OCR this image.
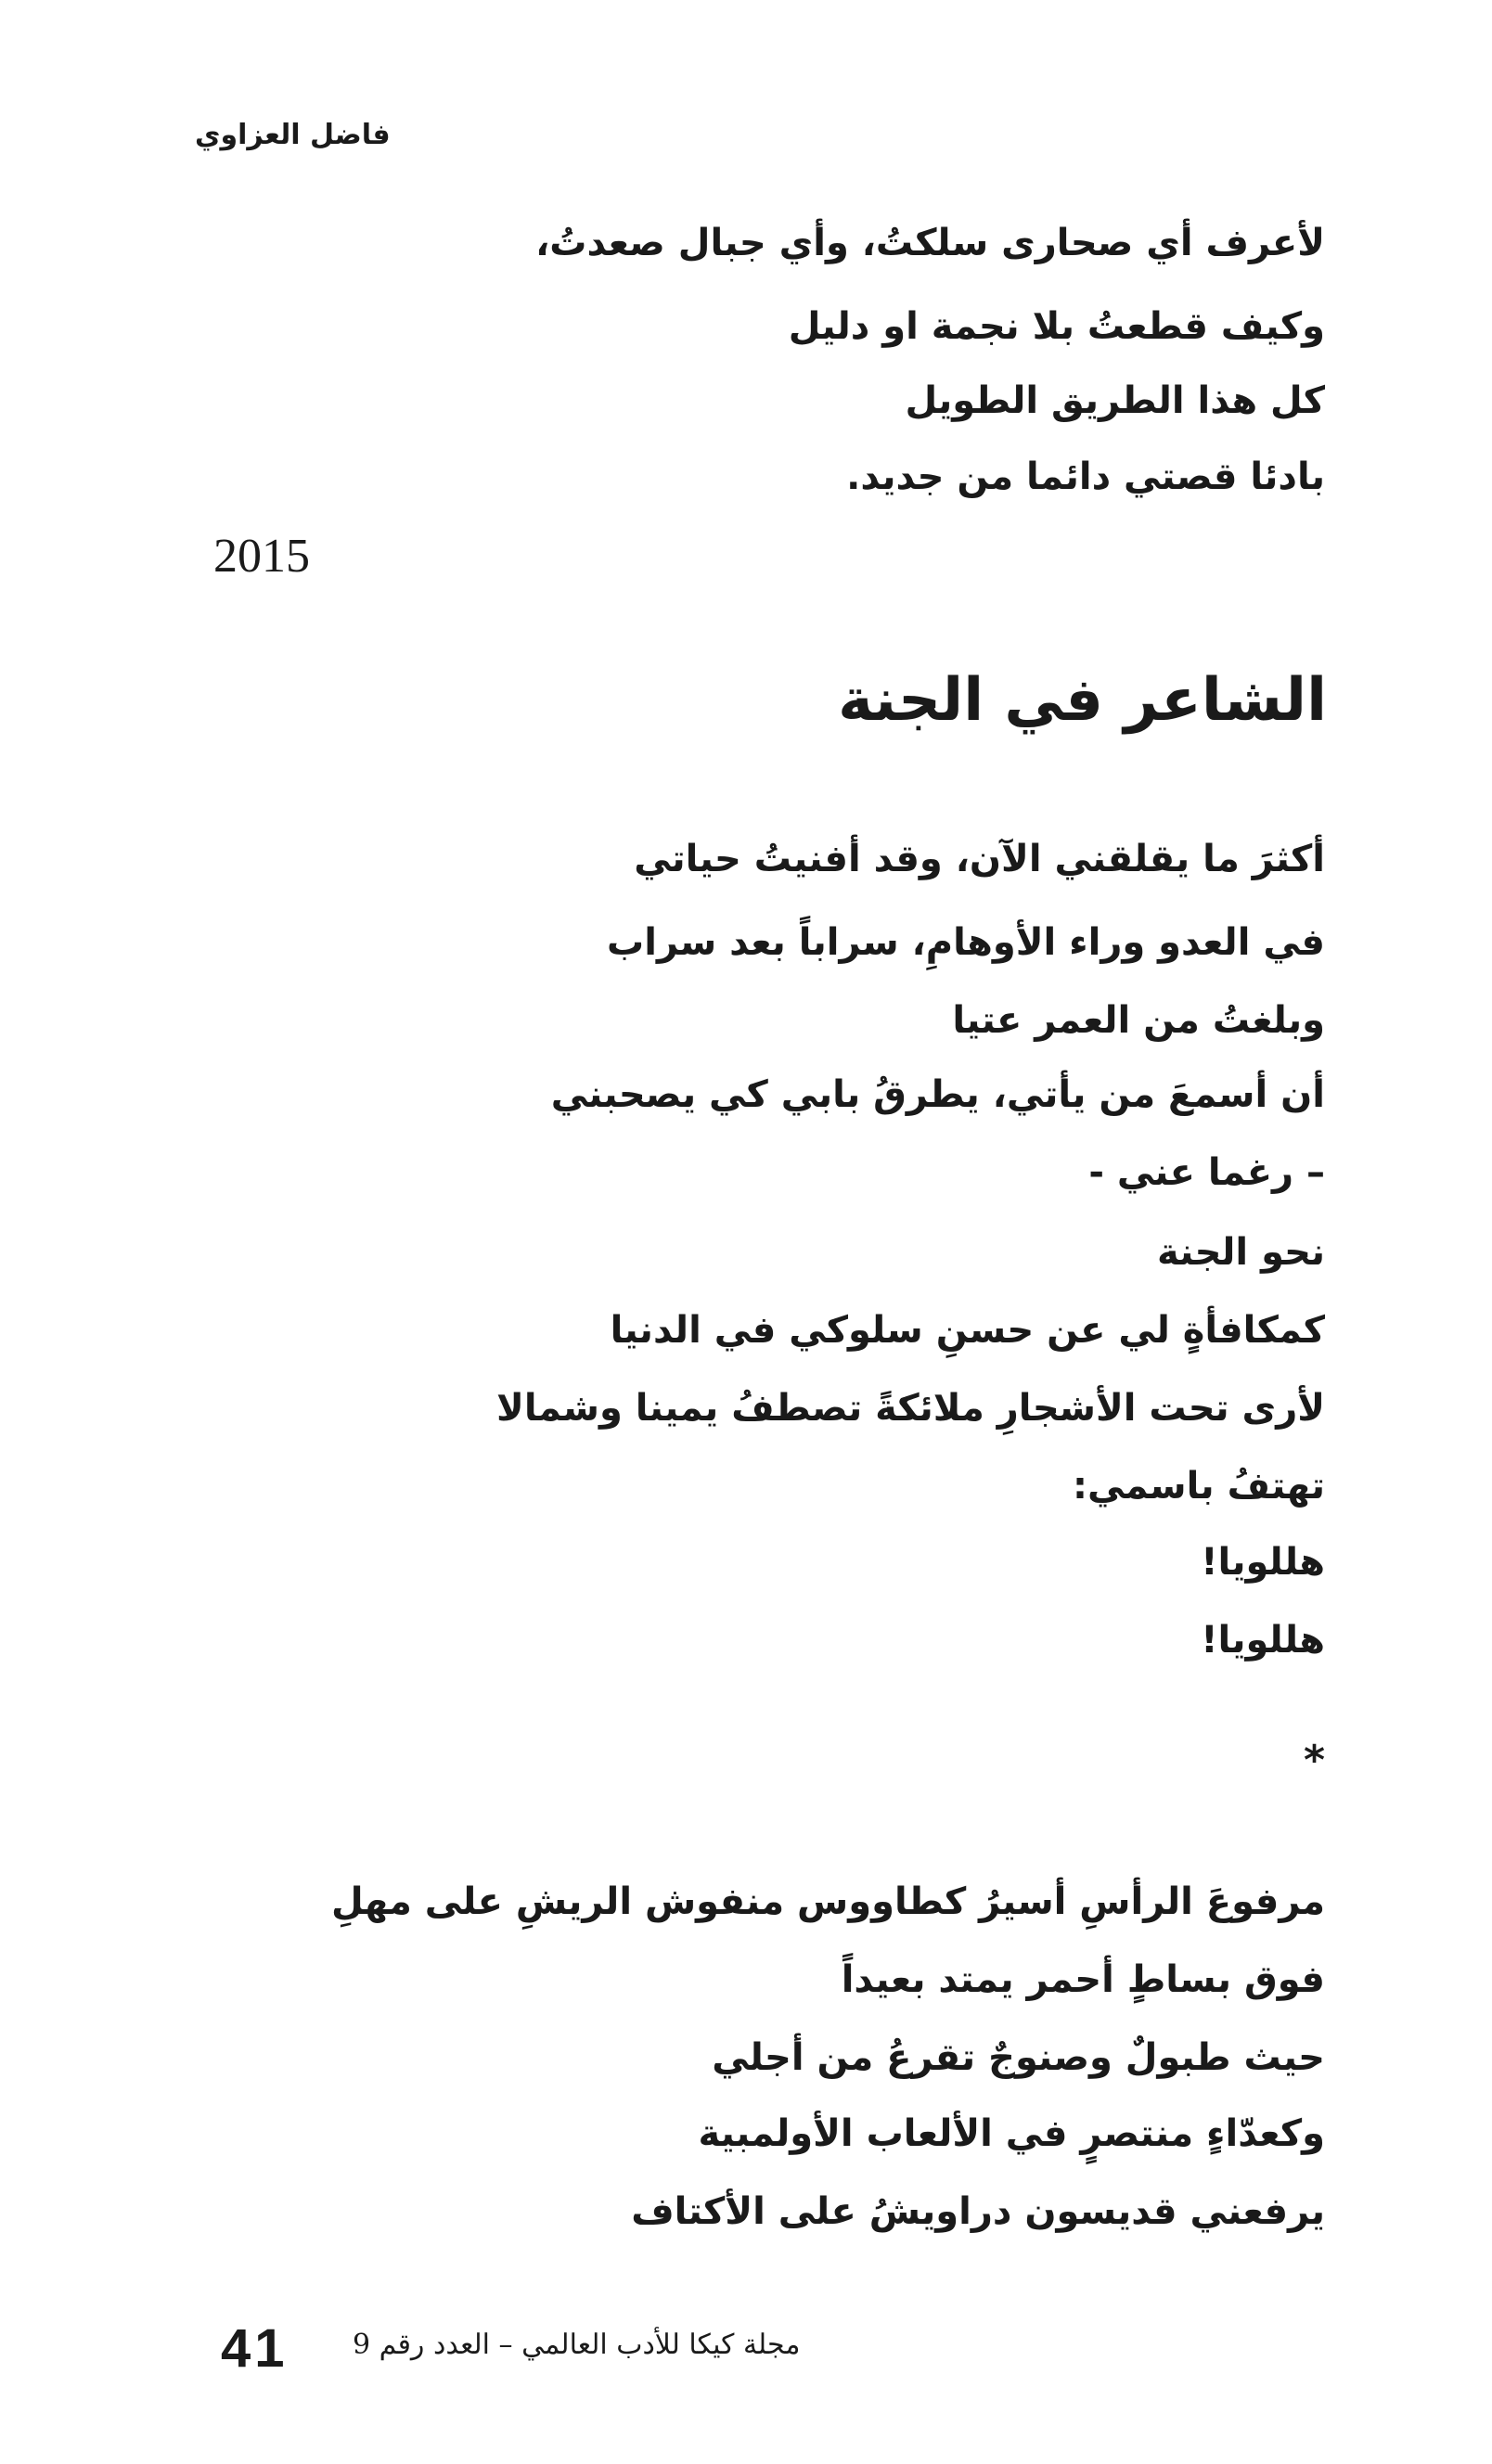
فاضل العزاوي
لأعرف أي صحارى سلكتُ، وأي جبال صعدتُ،
وكيف قطعتُ بلا نجمة او دليل
كل هذا الطريق الطويل
بادئا قصتي دائما من جديد.
2015
الشاعر في الجنة
أكثرَ ما يقلقني الآن، وقد أفنيتُ حياتي
في العدو وراء الأوهامِ، سراباً بعد سراب
وبلغتُ من العمر عتيا
أن أسمعَ من يأتي، يطرقُ بابي كي يصحبني
– رغما عني -
نحو الجنة
كمكافأةٍ لي عن حسنِ سلوكي في الدنيا
لأرى تحت الأشجارِ ملائكةً تصطفُ يمينا وشمالا
تهتفُ باسمي:
هللويا!
هللويا!
*
مرفوعَ الرأسِ أسيرُ كطاووس منفوش الريشِ على مهلِ
فوق بساطٍ أحمر يمتد بعيداً
حيث طبولٌ وصنوجٌ تقرعُ من أجلي
وكعدّاءٍ منتصرٍ في الألعاب الأولمبية
يرفعني قديسون دراويشُ على الأكتاف
41 مجلة كيكا للأدب العالمي – العدد رقم 9
